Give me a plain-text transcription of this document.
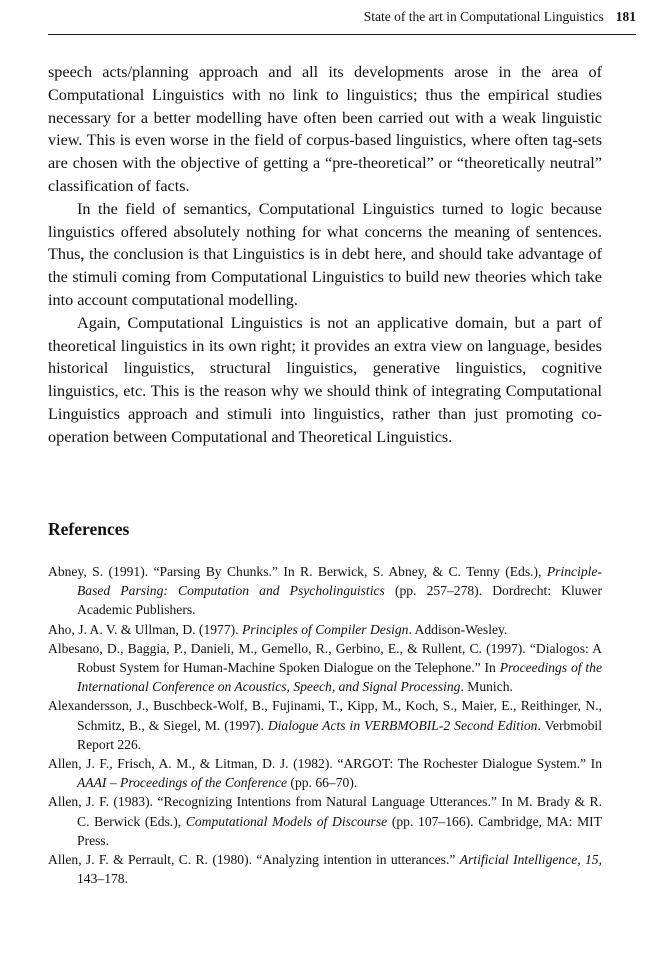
State of the art in Computational Linguistics 181

speech acts/planning approach and all its developments arose in the area of Computational Linguistics with no link to linguistics; thus the empirical studies necessary for a better modelling have often been carried out with a weak linguistic view. This is even worse in the field of corpus-based linguistics, where often tag-sets are chosen with the objective of getting a “pre-theoretical” or “theoretically neutral” classification of facts.

In the field of semantics, Computational Linguistics turned to logic because linguistics offered absolutely nothing for what concerns the meaning of sentences. Thus, the conclusion is that Linguistics is in debt here, and should take advantage of the stimuli coming from Computational Linguistics to build new theories which take into account computational modelling.

Again, Computational Linguistics is not an applicative domain, but a part of theoretical linguistics in its own right; it provides an extra view on language, besides historical linguistics, structural linguistics, generative linguistics, cognitive linguistics, etc. This is the reason why we should think of integrating Computational Linguistics approach and stimuli into linguistics, rather than just promoting co-operation between Computational and Theoretical Linguistics.

References

Abney, S. (1991). “Parsing By Chunks.” In R. Berwick, S. Abney, & C. Tenny (Eds.), Principle-Based Parsing: Computation and Psycholinguistics (pp. 257–278). Dordrecht: Kluwer Academic Publishers.

Aho, J. A. V. & Ullman, D. (1977). Principles of Compiler Design. Addison-Wesley.

Albesano, D., Baggia, P., Danieli, M., Gemello, R., Gerbino, E., & Rullent, C. (1997). “Dialogos: A Robust System for Human-Machine Spoken Dialogue on the Telephone.” In Proceedings of the International Conference on Acoustics, Speech, and Signal Processing. Munich.

Alexandersson, J., Buschbeck-Wolf, B., Fujinami, T., Kipp, M., Koch, S., Maier, E., Reithinger, N., Schmitz, B., & Siegel, M. (1997). Dialogue Acts in VERBMOBIL-2 Second Edition. Verbmobil Report 226.

Allen, J. F., Frisch, A. M., & Litman, D. J. (1982). “ARGOT: The Rochester Dialogue System.” In AAAI – Proceedings of the Conference (pp. 66–70).

Allen, J. F. (1983). “Recognizing Intentions from Natural Language Utterances.” In M. Brady & R. C. Berwick (Eds.), Computational Models of Discourse (pp. 107–166). Cambridge, MA: MIT Press.

Allen, J. F. & Perrault, C. R. (1980). “Analyzing intention in utterances.” Artificial Intelligence, 15, 143–178.
